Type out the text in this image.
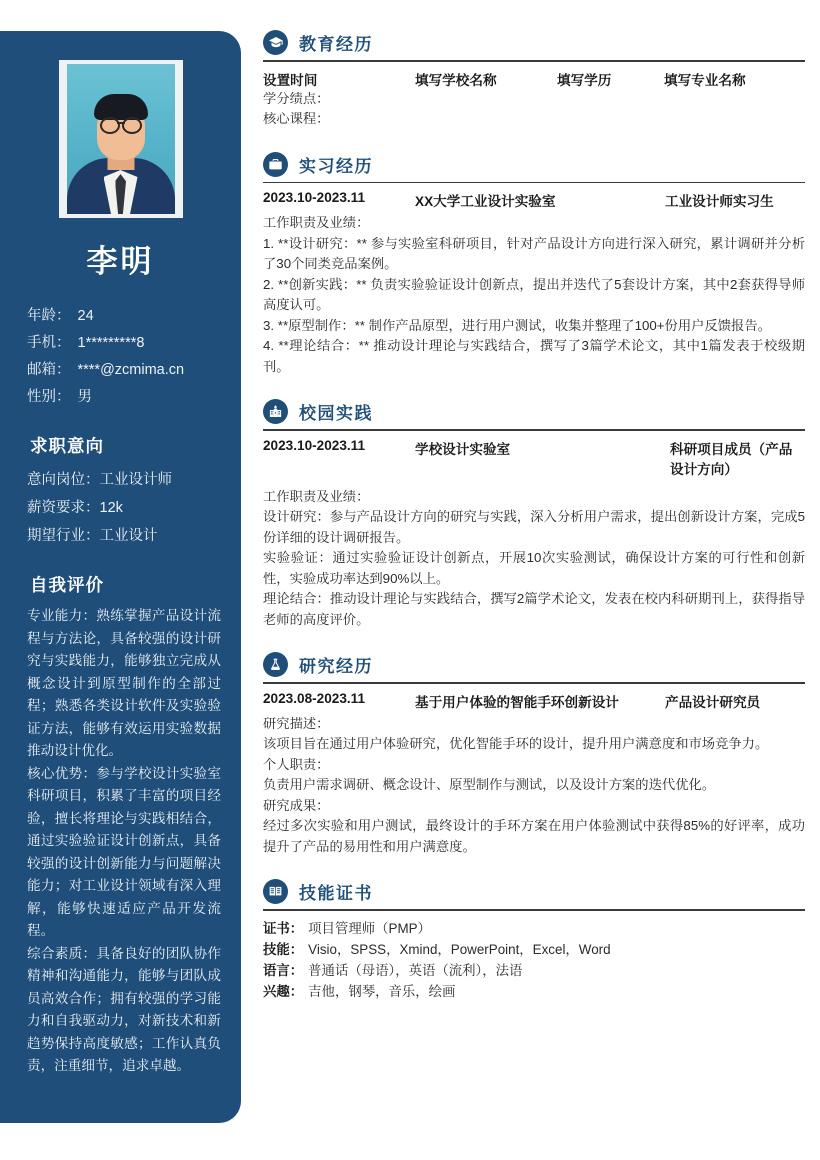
李明
年龄： 24
手机： 1*********8
邮箱： ****@zcmima.cn
性别： 男
求职意向
意向岗位：工业设计师
薪资要求：12k
期望行业：工业设计
自我评价
专业能力：熟练掌握产品设计流程与方法论，具备较强的设计研究与实践能力，能够独立完成从概念设计到原型制作的全部过程；熟悉各类设计软件及实验验证方法，能够有效运用实验数据推动设计优化。
核心优势：参与学校设计实验室科研项目，积累了丰富的项目经验，擅长将理论与实践相结合，通过实验验证设计创新点，具备较强的设计创新能力与问题解决能力；对工业设计领域有深入理解，能够快速适应产品开发流程。
综合素质：具备良好的团队协作精神和沟通能力，能够与团队成员高效合作；拥有较强的学习能力和自我驱动力，对新技术和新趋势保持高度敏感；工作认真负责，注重细节，追求卓越。
教育经历
设置时间	填写学校名称	填写学历	填写专业名称
学分绩点：
核心课程：
实习经历
2023.10-2023.11	XX大学工业设计实验室	工业设计师实习生
工作职责及业绩：
1. **设计研究：** 参与实验室科研项目，针对产品设计方向进行深入研究，累计调研并分析了30个同类竞品案例。
2. **创新实践：** 负责实验验证设计创新点，提出并迭代了5套设计方案，其中2套获得导师高度认可。
3. **原型制作：** 制作产品原型，进行用户测试，收集并整理了100+份用户反馈报告。
4. **理论结合：** 推动设计理论与实践结合，撰写了3篇学术论文，其中1篇发表于校级期刊。
校园实践
2023.10-2023.11	学校设计实验室	科研项目成员（产品设计方向）
工作职责及业绩：
设计研究：参与产品设计方向的研究与实践，深入分析用户需求，提出创新设计方案，完成5份详细的设计调研报告。
实验验证：通过实验验证设计创新点，开展10次实验测试，确保设计方案的可行性和创新性，实验成功率达到90%以上。
理论结合：推动设计理论与实践结合，撰写2篇学术论文，发表在校内科研期刊上，获得指导老师的高度评价。
研究经历
2023.08-2023.11	基于用户体验的智能手环创新设计	产品设计研究员
研究描述：
该项目旨在通过用户体验研究，优化智能手环的设计，提升用户满意度和市场竞争力。
个人职责：
负责用户需求调研、概念设计、原型制作与测试，以及设计方案的迭代优化。
研究成果：
经过多次实验和用户测试，最终设计的手环方案在用户体验测试中获得85%的好评率，成功提升了产品的易用性和用户满意度。
技能证书
证书： 项目管理师（PMP）
技能： Visio，SPSS，Xmind，PowerPoint，Excel，Word
语言： 普通话（母语），英语（流利），法语
兴趣： 吉他，钢琴，音乐，绘画
